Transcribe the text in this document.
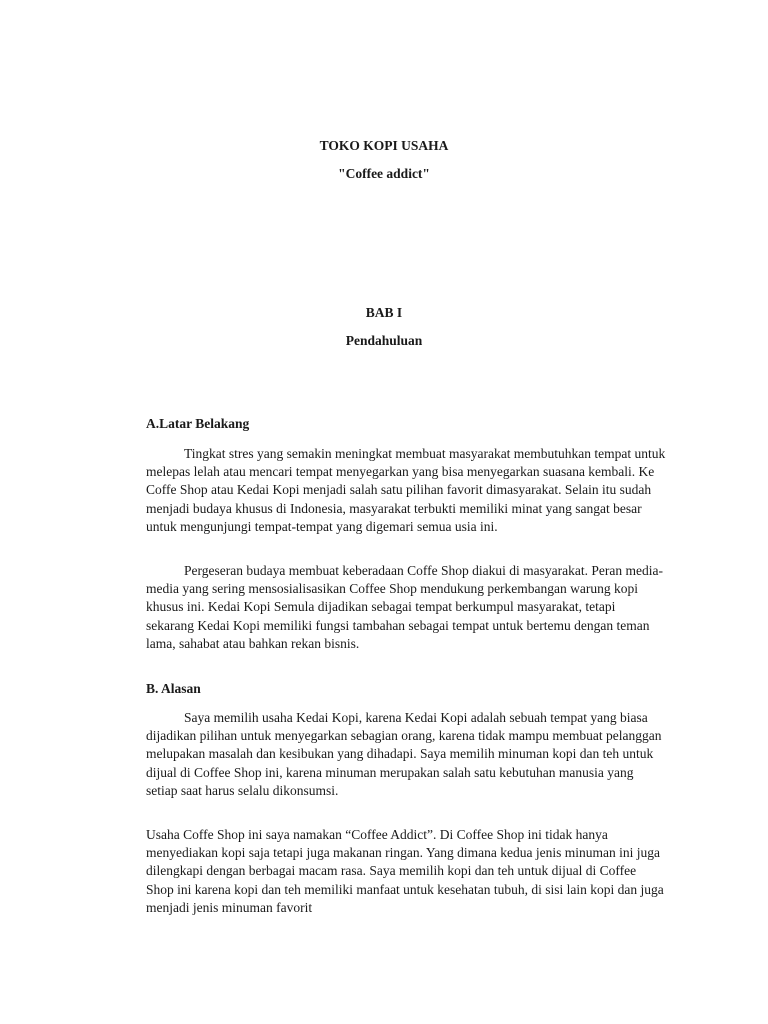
TOKO KOPI USAHA
"Coffee addict"
BAB I
Pendahuluan
A.Latar Belakang

Tingkat stres yang semakin meningkat membuat masyarakat membutuhkan tempat untuk melepas lelah atau mencari tempat menyegarkan yang bisa menyegarkan suasana kembali. Ke Coffe Shop atau Kedai Kopi menjadi salah satu pilihan favorit dimasyarakat. Selain itu sudah menjadi budaya khusus di Indonesia, masyarakat terbukti memiliki minat yang sangat besar untuk mengunjungi tempat-tempat yang digemari semua usia ini.

Pergeseran budaya membuat keberadaan Coffe Shop diakui di masyarakat. Peran media-media yang sering mensosialisasikan Coffee Shop mendukung perkembangan warung kopi khusus ini. Kedai Kopi Semula dijadikan sebagai tempat berkumpul masyarakat, tetapi sekarang Kedai Kopi memiliki fungsi tambahan sebagai tempat untuk bertemu dengan teman lama, sahabat atau bahkan rekan bisnis.

B. Alasan

Saya memilih usaha Kedai Kopi, karena Kedai Kopi adalah sebuah tempat yang biasa dijadikan pilihan untuk menyegarkan sebagian orang, karena tidak mampu membuat pelanggan melupakan masalah dan kesibukan yang dihadapi. Saya memilih minuman kopi dan teh untuk dijual di Coffee Shop ini, karena minuman merupakan salah satu kebutuhan manusia yang setiap saat harus selalu dikonsumsi.

Usaha Coffe Shop ini saya namakan “Coffee Addict”. Di Coffee Shop ini tidak hanya menyediakan kopi saja tetapi juga makanan ringan. Yang dimana kedua jenis minuman ini juga dilengkapi dengan berbagai macam rasa. Saya memilih kopi dan teh untuk dijual di Coffee Shop ini karena kopi dan teh memiliki manfaat untuk kesehatan tubuh, di sisi lain kopi dan juga menjadi jenis minuman favorit
